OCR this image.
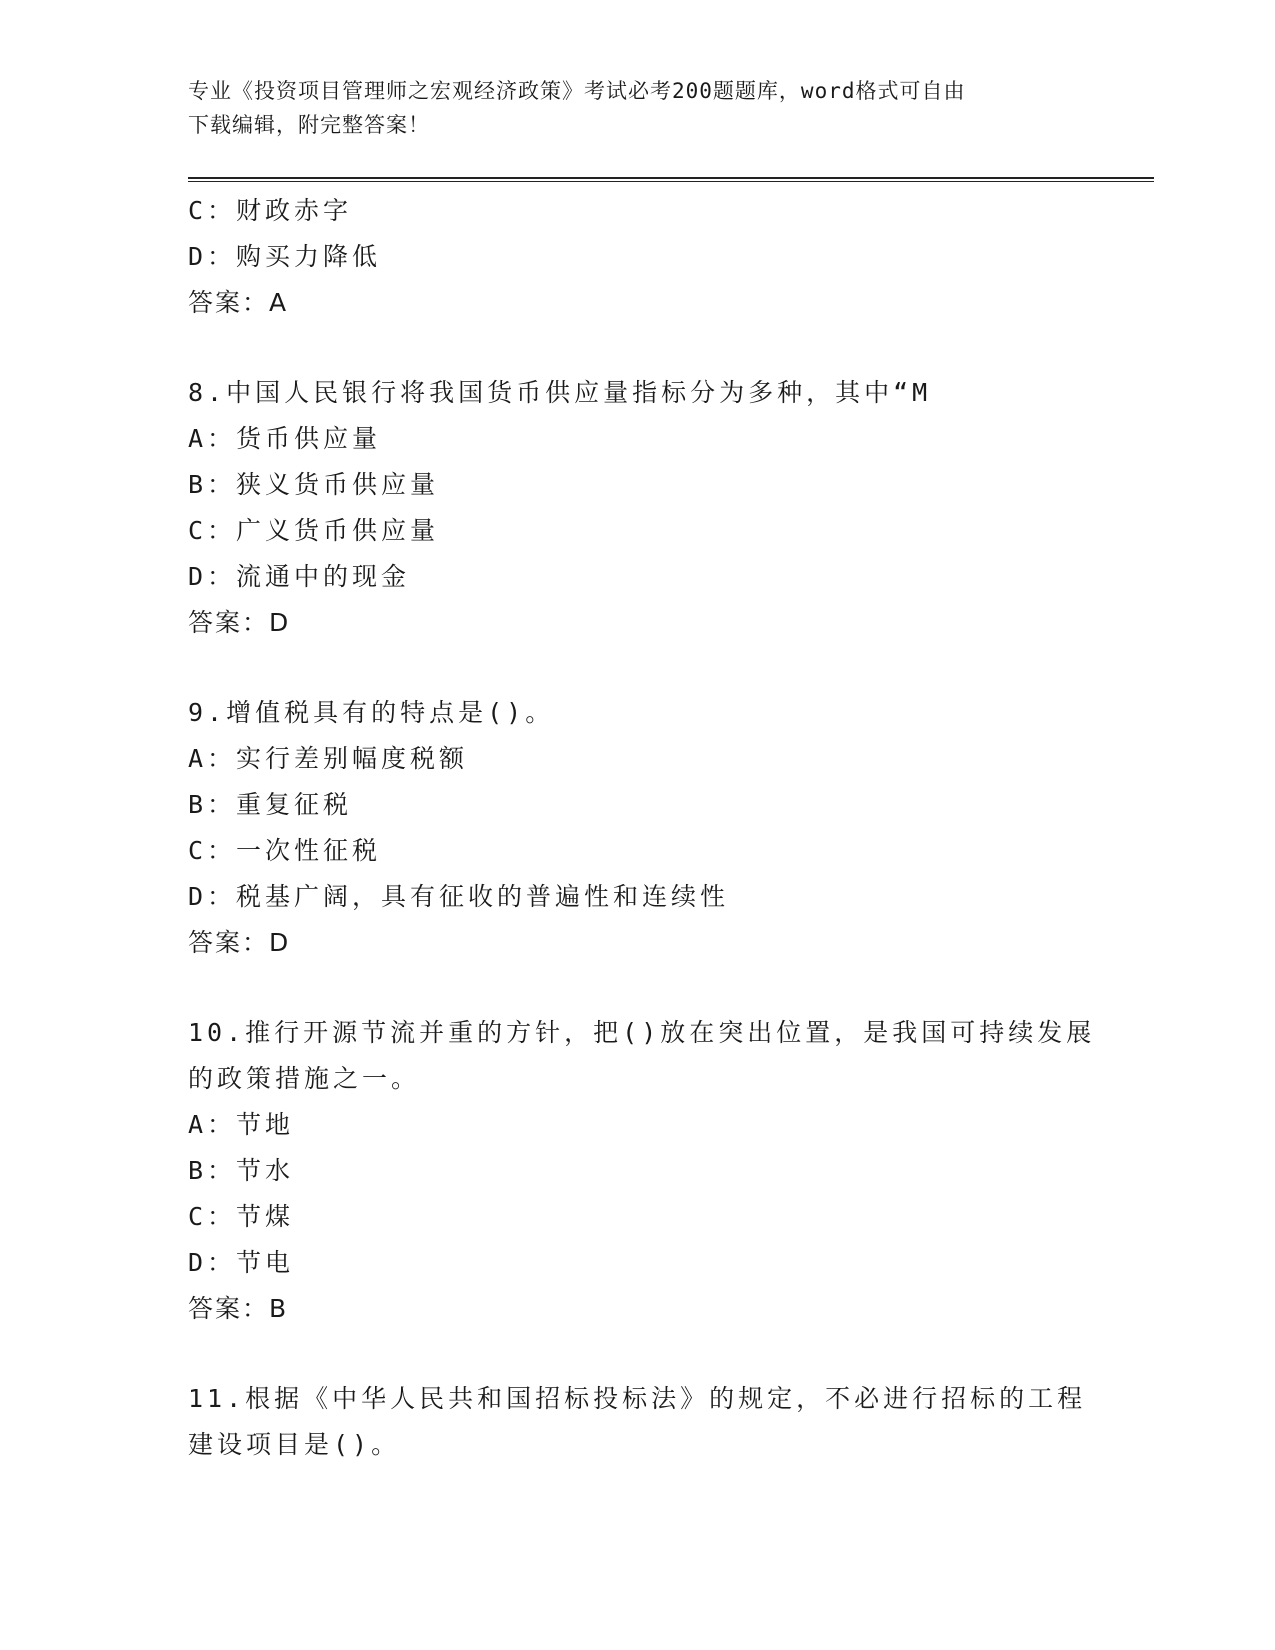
专业《投资项目管理师之宏观经济政策》考试必考200题题库，word格式可自由
下载编辑，附完整答案！
C：财政赤字
D：购买力降低
答案：A
8.中国人民银行将我国货币供应量指标分为多种，其中“M
A：货币供应量
B：狭义货币供应量
C：广义货币供应量
D：流通中的现金
答案：D
9.增值税具有的特点是()。
A：实行差别幅度税额
B：重复征税
C：一次性征税
D：税基广阔，具有征收的普遍性和连续性
答案：D
10.推行开源节流并重的方针，把()放在突出位置，是我国可持续发展
的政策措施之一。
A：节地
B：节水
C：节煤
D：节电
答案：B
11.根据《中华人民共和国招标投标法》的规定，不必进行招标的工程
建设项目是()。
